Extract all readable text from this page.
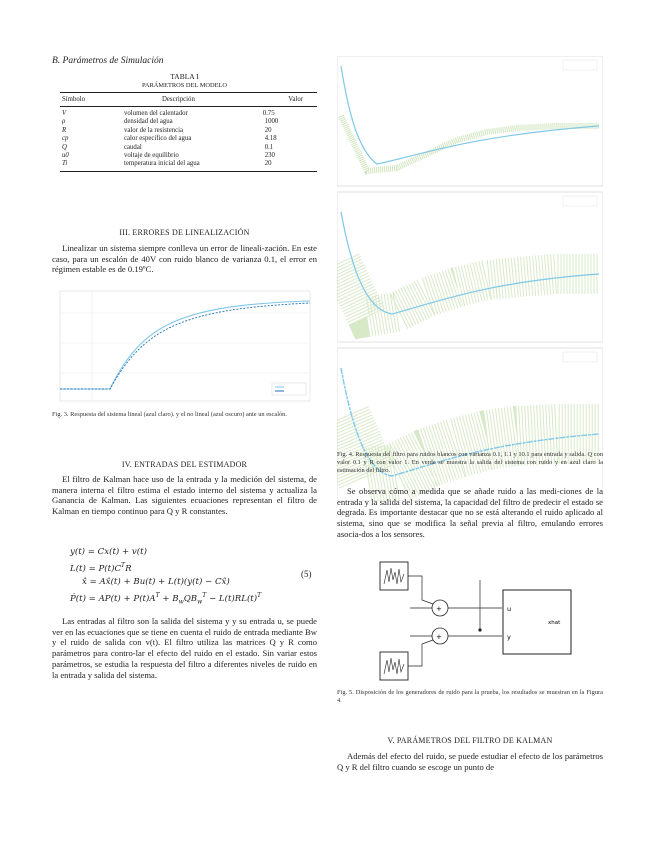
B. Parámetros de Simulación
TABLA I
PARÁMETROS DEL MODELO
Símbolo	Descripción	Valor
V	volumen del calentador	0.75
ρ	densidad del agua	1000
R	valor de la resistencia	20
cp	calor específico del agua	4.18
Q	caudal	0.1
u0	voltaje de equilibrio	230
Ti	temperatura inicial del agua	20
III. ERRORES DE LINEALIZACIÓN
Linealizar un sistema siempre conlleva un error de lineali-zación. En este caso, para un escalón de 40V con ruido blanco de varianza 0.1, el error en régimen estable es de 0.19ºC.
Fig. 3. Respuesta del sistema lineal (azul claro). y el no lineal (azul oscuro) ante un escalón.
IV. ENTRADAS DEL ESTIMADOR
El filtro de Kalman hace uso de la entrada y la medición del sistema, de manera interna el filtro estima el estado interno del sistema y actualiza la Ganancia de Kalman. Las siguientes ecuaciones representan el filtro de Kalman en tiempo continuo para Q y R constantes.
y(t) = Cx(t) + v(t)
$L(t) = P(t)C^TR$
x̂̇ = Ax̂(t) + Bu(t) + L(t)(y(t) − Cx̂)
Ṗ(t) = $AP(t) + P(t)A^T + B_wQB_w^T - L(t)RL(t)^T$
(5)
Las entradas al filtro son la salida del sistema y y su entrada u, se puede ver en las ecuaciones que se tiene en cuenta el ruido de entrada mediante Bw y el ruido de salida con v(t). El filtro utiliza las matrices Q y R como parámetros para contro-lar el efecto del ruido en el estado. Sin variar estos parámetros, se estudia la respuesta del filtro a diferentes niveles de ruido en la entrada y salida del sistema.
Fig. 4. Respuesta del filtro para ruidos blancos con varianza 0.1, 1.1 y 10.1 para entrada y salida. Q con valor 0.1 y R con valor 1. En verde se muestra la salida del sistema con ruido y en azul claro la estimación del filtro.
Se observa cómo a medida que se añade ruido a las medi-ciones de la entrada y la salida del sistema, la capacidad del filtro de predecir el estado se degrada. Es importante destacar que no se está alterando el ruido aplicado al sistema, sino que se modifica la señal previa al filtro, emulando errores asocia-dos a los sensores.
+
+
u
y
xhat
Fig. 5. Disposición de los generadores de ruido para la prueba, los resultados se muestran en la Figura 4.
V. PARÁMETROS DEL FILTRO DE KALMAN
Además del efecto del ruido, se puede estudiar el efecto de los parámetros Q y R del filtro cuando se escoge un punto de
